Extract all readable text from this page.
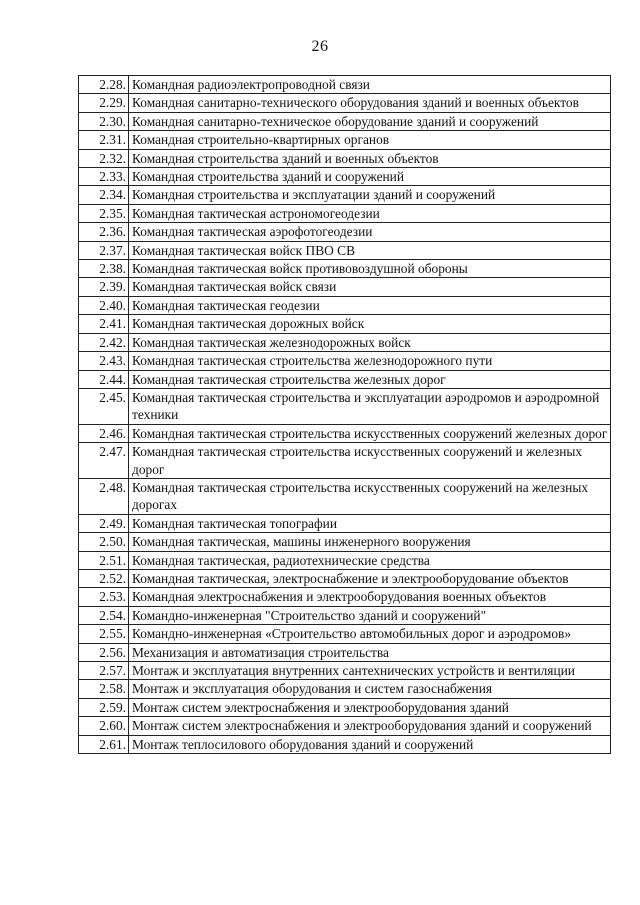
26
2.28.	Командная радиоэлектропроводной связи
2.29.	Командная санитарно-технического оборудования зданий и военных объектов
2.30.	Командная санитарно-техническое оборудование зданий и сооружений
2.31.	Командная строительно-квартирных органов
2.32.	Командная строительства зданий и военных объектов
2.33.	Командная строительства зданий и сооружений
2.34.	Командная строительства и эксплуатации зданий и сооружений
2.35.	Командная тактическая астрономогеодезии
2.36.	Командная тактическая аэрофотогеодезии
2.37.	Командная тактическая войск ПВО СВ
2.38.	Командная тактическая войск противовоздушной обороны
2.39.	Командная тактическая войск связи
2.40.	Командная тактическая геодезии
2.41.	Командная тактическая дорожных войск
2.42.	Командная тактическая железнодорожных войск
2.43.	Командная тактическая строительства железнодорожного пути
2.44.	Командная тактическая строительства железных дорог
2.45.	Командная тактическая строительства и эксплуатации аэродромов и аэродромной техники
2.46.	Командная тактическая строительства искусственных сооружений железных дорог
2.47.	Командная тактическая строительства искусственных сооружений и железных дорог
2.48.	Командная тактическая строительства искусственных сооружений на железных дорогах
2.49.	Командная тактическая топографии
2.50.	Командная тактическая, машины инженерного вооружения
2.51.	Командная тактическая, радиотехнические средства
2.52.	Командная тактическая, электроснабжение и электрооборудование объектов
2.53.	Командная электроснабжения и электрооборудования военных объектов
2.54.	Командно-инженерная "Строительство зданий и сооружений"
2.55.	Командно-инженерная «Строительство автомобильных дорог и аэродромов»
2.56.	Механизация и автоматизация строительства
2.57.	Монтаж и эксплуатация внутренних сантехнических устройств и вентиляции
2.58.	Монтаж и эксплуатация оборудования и систем газоснабжения
2.59.	Монтаж систем электроснабжения и электрооборудования зданий
2.60.	Монтаж систем электроснабжения и электрооборудования зданий и сооружений
2.61.	Монтаж теплосилового оборудования зданий и сооружений
